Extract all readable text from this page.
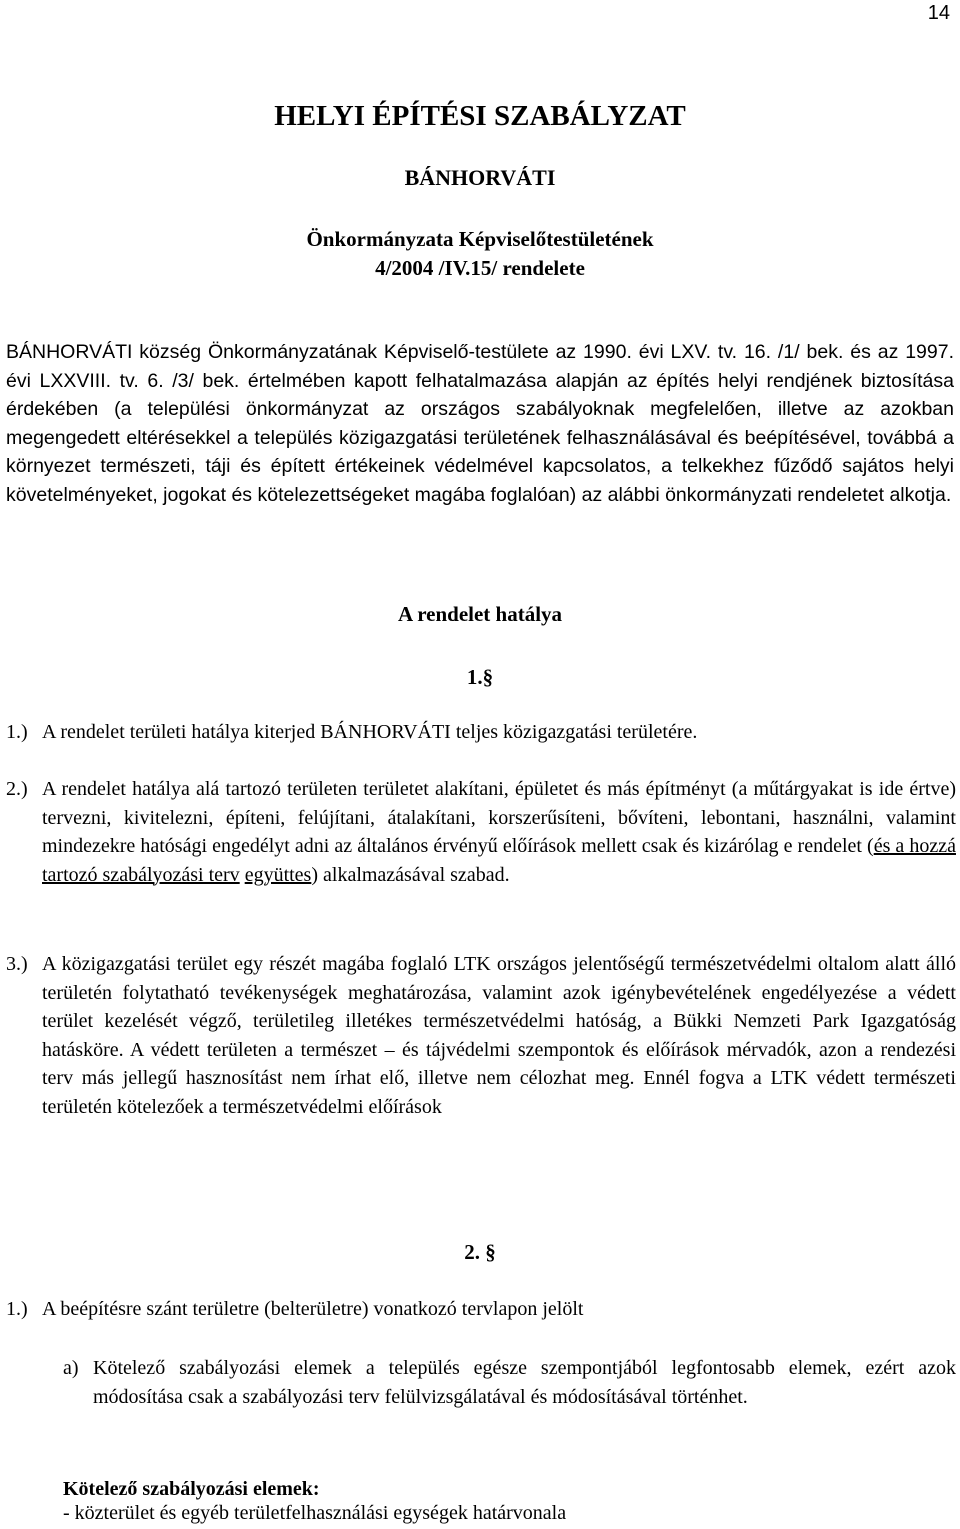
14
HELYI ÉPÍTÉSI SZABÁLYZAT
BÁNHORVÁTI
Önkormányzata Képviselőtestületének
4/2004 /IV.15/ rendelete
BÁNHORVÁTI község Önkormányzatának Képviselő-testülete az 1990. évi LXV. tv. 16. /1/ bek. és az 1997. évi LXXVIII. tv. 6. /3/ bek. értelmében kapott felhatalmazása alapján az építés helyi rendjének biztosítása érdekében (a települési önkormányzat az országos szabályoknak megfelelően, illetve az azokban megengedett eltérésekkel a település közigazgatási területének felhasználásával és beépítésével, továbbá a környezet természeti, táji és épített értékeinek védelmével kapcsolatos, a telkekhez fűződő sajátos helyi követelményeket, jogokat és kötelezettségeket magába foglalóan) az alábbi önkormányzati rendeletet alkotja.
A rendelet hatálya
1.§
1.) A rendelet területi hatálya kiterjed BÁNHORVÁTI teljes közigazgatási területére.
2.) A rendelet hatálya alá tartozó területen területet alakítani, épületet és más építményt (a műtárgyakat is ide értve) tervezni, kivitelezni, építeni, felújítani, átalakítani, korszerűsíteni, bővíteni, lebontani, használni, valamint mindezekre hatósági engedélyt adni az általános érvényű előírások mellett csak és kizárólag e rendelet (és a hozzá tartozó szabályozási terv együttes) alkalmazásával szabad.
3.) A közigazgatási terület egy részét magába foglaló LTK országos jelentőségű természetvédelmi oltalom alatt álló területén folytatható tevékenységek meghatározása, valamint azok igénybevételének engedélyezése a védett terület kezelését végző, területileg illetékes természetvédelmi hatóság, a Bükki Nemzeti Park Igazgatóság hatásköre. A védett területen a természet – és tájvédelmi szempontok és előírások mérvadók, azon a rendezési terv más jellegű hasznosítást nem írhat elő, illetve nem célozhat meg. Ennél fogva a LTK védett természeti területén kötelezőek a természetvédelmi előírások
2. §
1.) A beépítésre szánt területre (belterületre) vonatkozó tervlapon jelölt
a) Kötelező szabályozási elemek a település egésze szempontjából legfontosabb elemek, ezért azok módosítása csak a szabályozási terv felülvizsgálatával és módosításával történhet.
Kötelező szabályozási elemek:
- közterület és egyéb területfelhasználási egységek határvonala
